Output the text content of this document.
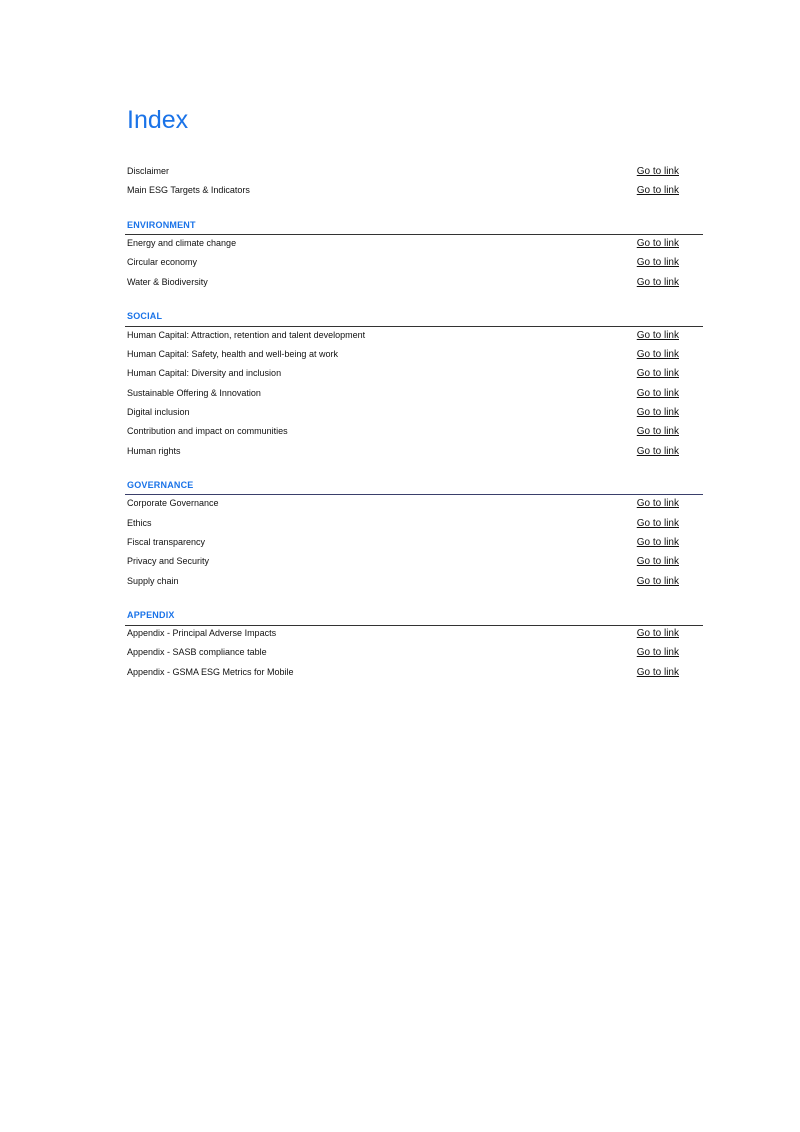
Index
Disclaimer	Go to link
Main ESG Targets & Indicators	Go to link
ENVIRONMENT
Energy and climate change	Go to link
Circular economy	Go to link
Water & Biodiversity	Go to link
SOCIAL
Human Capital: Attraction, retention and talent development	Go to link
Human Capital: Safety, health and well-being at work	Go to link
Human Capital: Diversity and inclusion	Go to link
Sustainable Offering & Innovation	Go to link
Digital inclusion	Go to link
Contribution and impact on communities	Go to link
Human rights	Go to link
GOVERNANCE
Corporate Governance	Go to link
Ethics	Go to link
Fiscal transparency	Go to link
Privacy and Security	Go to link
Supply chain	Go to link
APPENDIX
Appendix - Principal Adverse Impacts	Go to link
Appendix - SASB compliance table	Go to link
Appendix - GSMA ESG Metrics for Mobile	Go to link
